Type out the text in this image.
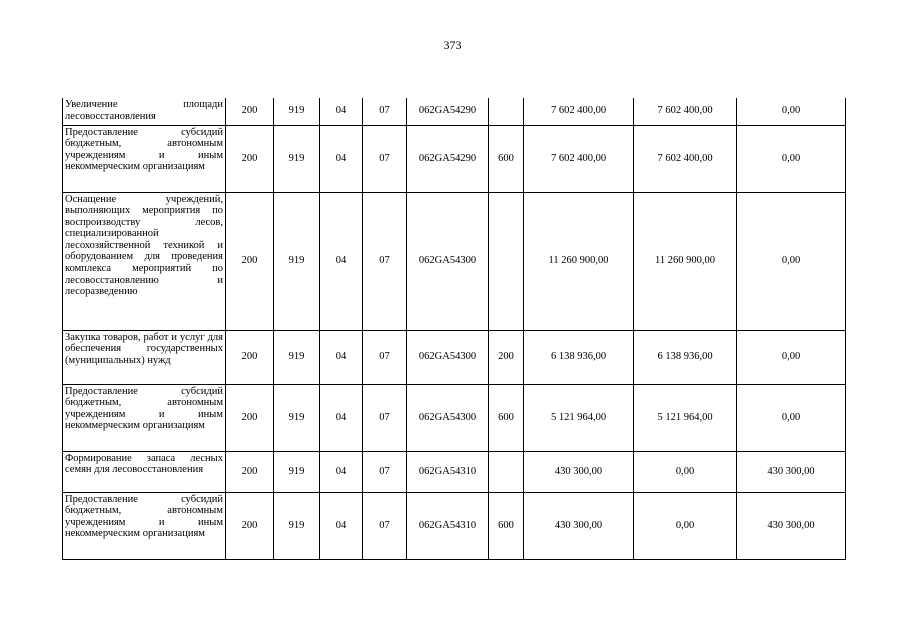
373
Увеличение площади лесовосстановления	200	919	04	07	062GA54290		7 602 400,00	7 602 400,00	0,00
Предоставление субсидий бюджетным, автономным учреждениям и иным некоммерческим организациям	200	919	04	07	062GA54290	600	7 602 400,00	7 602 400,00	0,00
Оснащение учреждений, выполняющих мероприятия по воспроизводству лесов, специализированной лесохозяйственной техникой и оборудованием для проведения комплекса мероприятий по лесовосстановлению и лесоразведению	200	919	04	07	062GA54300		11 260 900,00	11 260 900,00	0,00
Закупка товаров, работ и услуг для обеспечения государственных (муниципальных) нужд	200	919	04	07	062GA54300	200	6 138 936,00	6 138 936,00	0,00
Предоставление субсидий бюджетным, автономным учреждениям и иным некоммерческим организациям	200	919	04	07	062GA54300	600	5 121 964,00	5 121 964,00	0,00
Формирование запаса лесных семян для лесовосстановления	200	919	04	07	062GA54310		430 300,00	0,00	430 300,00
Предоставление субсидий бюджетным, автономным учреждениям и иным некоммерческим организациям	200	919	04	07	062GA54310	600	430 300,00	0,00	430 300,00
